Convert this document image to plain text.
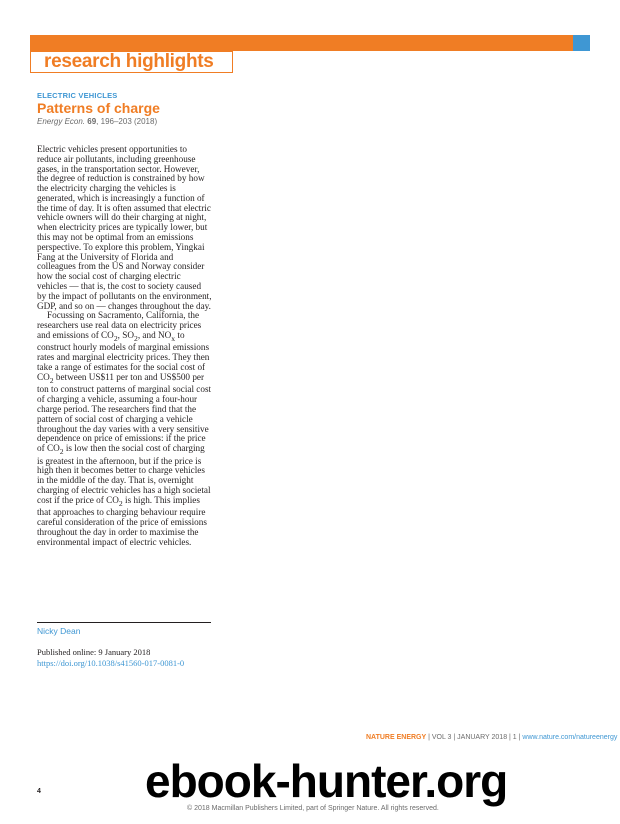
research highlights
ELECTRIC VEHICLES
Patterns of charge
Energy Econ. 69, 196–203 (2018)

Electric vehicles present opportunities to reduce air pollutants, including greenhouse gases, in the transportation sector. However, the degree of reduction is constrained by how the electricity charging the vehicles is generated, which is increasingly a function of the time of day. It is often assumed that electric vehicle owners will do their charging at night, when electricity prices are typically lower, but this may not be optimal from an emissions perspective. To explore this problem, Yingkai Fang at the University of Florida and colleagues from the US and Norway consider how the social cost of charging electric vehicles — that is, the cost to society caused by the impact of pollutants on the environment, GDP, and so on — changes throughout the day.

Focussing on Sacramento, California, the researchers use real data on electricity prices and emissions of $CO_2$, $SO_2$, and $NO_x$ to construct hourly models of marginal emissions rates and marginal electricity prices. They then take a range of estimates for the social cost of $CO_2$ between US$11 per ton and US$500 per ton to construct patterns of marginal social cost of charging a vehicle, assuming a four-hour charge period. The researchers find that the pattern of social cost of charging a vehicle throughout the day varies with a very sensitive dependence on price of emissions: if the price of $CO_2$ is low then the social cost of charging is greatest in the afternoon, but if the price is high then it becomes better to charge vehicles in the middle of the day. That is, overnight charging of electric vehicles has a high societal cost if the price of $CO_2$ is high. This implies that approaches to charging behaviour require careful consideration of the price of emissions throughout the day in order to maximise the environmental impact of electric vehicles.

Nicky Dean
Published online: 9 January 2018
https://doi.org/10.1038/s41560-017-0081-0
NATURE ENERGY | VOL 3 | JANUARY 2018 | 1 | www.nature.com/natureenergy
ebook-hunter.org
4
© 2018 Macmillan Publishers Limited, part of Springer Nature. All rights reserved.
